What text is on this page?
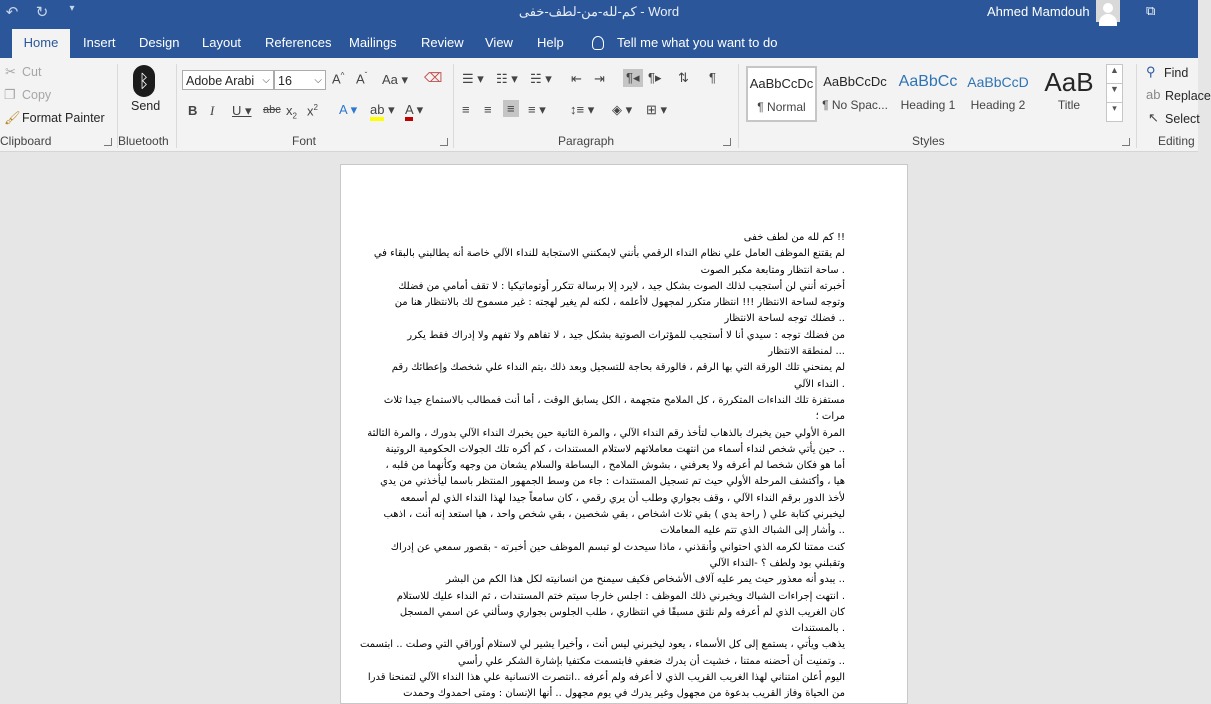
↶ ↻	▾	كم-لله-من-لطف-خفى - Word	Ahmed Mamdouh	⧉
Home	Insert Design Layout References Mailings Review View Help	Tell me what you want to do
✂ Cut
❐ Copy
🖌 Format Painter
Clipboard
ᛒ
Send
Bluetooth
Adobe Arabi ⌵ 16 ⌵ A^ $A^ˇ$ Aa ▾ ⌫
B I U ▾ abc $x_2$ $x^2$ A ▾ ab ▾ A ▾
Font
☰ ▾ ☷ ▾ ☵ ▾ ⇤ ⇥ ¶◂ ¶▸ ⇅ ¶
≡ ≡	≡	≡ ▾ ↕≡ ▾ ◈ ▾ ⊞ ▾
Paragraph
AaBbCcDc
¶ Normal
AaBbCcDc
¶ No Spac...
AaBbCc
Heading 1
AaBbCcD
Heading 2
AaB
Title
▲
▼
▾
Styles
⚲ Find
ab Replace
↖ Select
Editing

!! كم لله من لطف خفى

لم يقتنع الموظف العامل علي نظام النداء الرقمي بأنني لايمكنني الاستجابة للنداء الآلي خاصة أنه يطالبني بالبقاء في

. ساحة انتظار ومتابعة مكبر الصوت

أخبرته أنني لن أستجيب لذلك الصوت بشكل جيد ، لايرد إلا برسالة تتكرر أوتوماتيكيا : لا تقف أمامي من فضلك

وتوجه لساحة الانتظار !!! انتظار متكرر لمجهول لاأعلمه ، لكنه لم يغير لهجته : غير مسموح لك بالانتظار هنا من

.. فضلك توجه لساحة الانتظار

من فضلك توجه : سيدي أنا لا أستجيب للمؤثرات الصوتية بشكل جيد ، لا تفاهم ولا تفهم ولا إدراك فقط يكرر

... لمنطقة الانتظار

لم يمنحني تلك الورقة التي بها الرقم ، فالورقة بحاجة للتسجيل وبعد ذلك ،يتم النداء علي شخصك وإعطائك رقم

. النداء الآلي

مستفزة تلك النداءات المتكررة ، كل الملامح متجهمة ، الكل يسابق الوقت ، أما أنت فمطالب بالاستماع جيدا ثلاث

مرات ؛

المرة الأولي حين يخبرك بالذهاب لتأخذ رقم النداء الآلي ، والمرة الثانية حين يخبرك النداء الآلي بدورك ، والمرة الثالثة

.. حين يأتي شخص لنداء أسماء من انتهت معاملاتهم لاستلام المستندات ، كم أكره تلك الجولات الحكومية الروتينة

أما هو فكان شخصا لم أعرفه ولا يعرفني ، بشوش الملامح ، البساطة والسلام يشعان من وجهه وكأنهما من قلبه ،

هيا ، وأكتشف المرحلة الأولي حيث تم تسجيل المستندات : جاء من وسط الجمهور المنتظر باسما ليأخذني من يدي

لأخذ الدور برقم النداء الآلي ، وقف بجواري وطلب أن يري رقمي ، كان سامعاً جيدا لهذا النداء الذي لم أسمعه

ليخبرني كتابة علي ( راحة يدي ) بقي ثلاث اشخاص ، بقي شخصين ، بقي شخص واحد ، هيا استعد إنه أنت ، اذهب

.. وأشار إلى الشباك الذي تتم عليه المعاملات

كنت ممتنا لكرمه الذي احتواني وأنقذني ، ماذا سيحدث لو تبسم الموظف حين أخبرته - بقصور سمعي عن إدراك

وتقبلني بود ولطف ؟ -النداء الآلي

.. يبدو أنه معذور حيث يمر عليه آلاف الأشخاص فكيف سيمنح من انسانيته لكل هذا الكم من البشر

. انتهت إجراءات الشباك ويخبرني ذلك الموظف : اجلس خارجا سيتم ختم المستندات ، ثم النداء عليك للاستلام

كان الغريب الذي لم أعرفه ولم نلتق مسبقًا في انتظاري ، طلب الجلوس بجواري وسألني عن اسمي المسجل

. بالمستندات

يذهب ويأتي ، يستمع إلى كل الأسماء ، يعود ليخبرني ليس أنت ، وأخيرا يشير لي لاستلام أوراقي التي وصلت .. ابتسمت

.. وتمنيت أن أحضنه ممتنا ، خشيت أن يدرك ضعفي فابتسمت مكتفيا بإشارة الشكر علي رأسي

اليوم أعلن امتناني لهذا الغريب القريب الذي لا أعرفه ولم أعرفه ..انتصرت الانسانية علي هذا النداء الآلي لتمنحنا قدرا

من الحياة وفاز القريب بدعوة من مجهول وغير يدرك في يوم مجهول .. أنها الإنسان : ومتى احمدوك وحمدت
